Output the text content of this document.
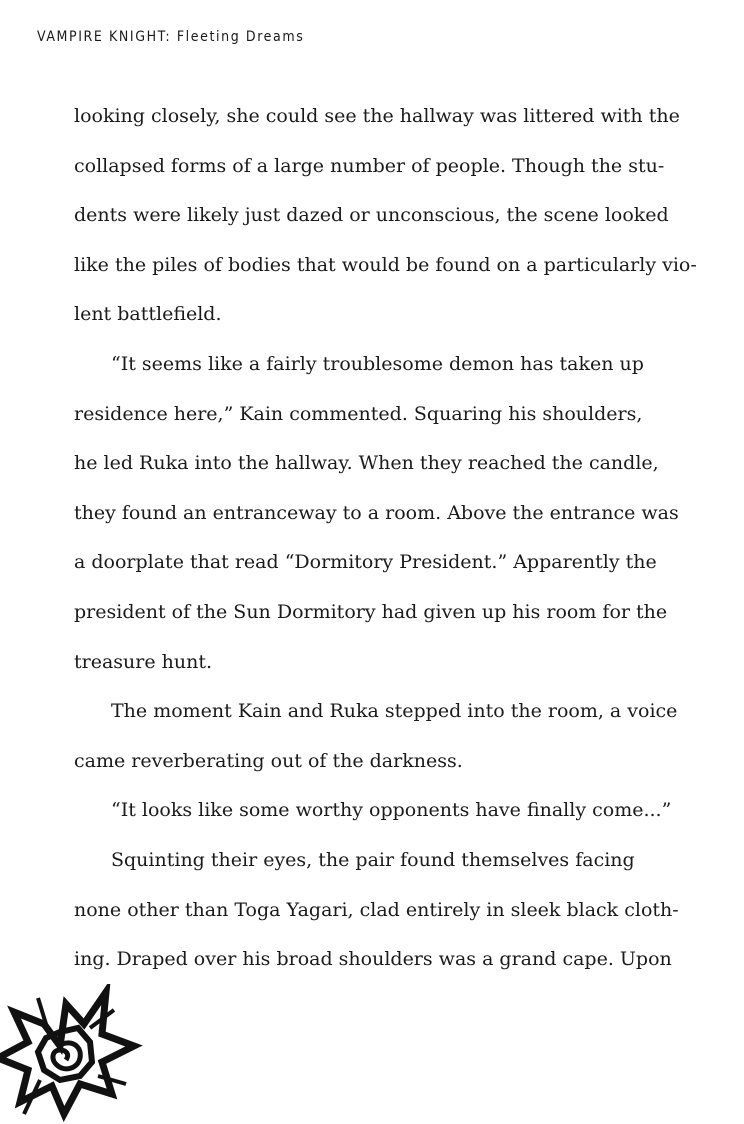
VAMPIRE KNIGHT: Fleeting Dreams
looking closely, she could see the hallway was littered with the
collapsed forms of a large number of people. Though the stu-
dents were likely just dazed or unconscious, the scene looked
like the piles of bodies that would be found on a particularly vio-
lent battlefield.
“It seems like a fairly troublesome demon has taken up
residence here,” Kain commented. Squaring his shoulders,
he led Ruka into the hallway. When they reached the candle,
they found an entranceway to a room. Above the entrance was
a doorplate that read “Dormitory President.” Apparently the
president of the Sun Dormitory had given up his room for the
treasure hunt.
The moment Kain and Ruka stepped into the room, a voice
came reverberating out of the darkness.
“It looks like some worthy opponents have finally come...”
Squinting their eyes, the pair found themselves facing
none other than Toga Yagari, clad entirely in sleek black cloth-
ing. Draped over his broad shoulders was a grand cape. Upon
